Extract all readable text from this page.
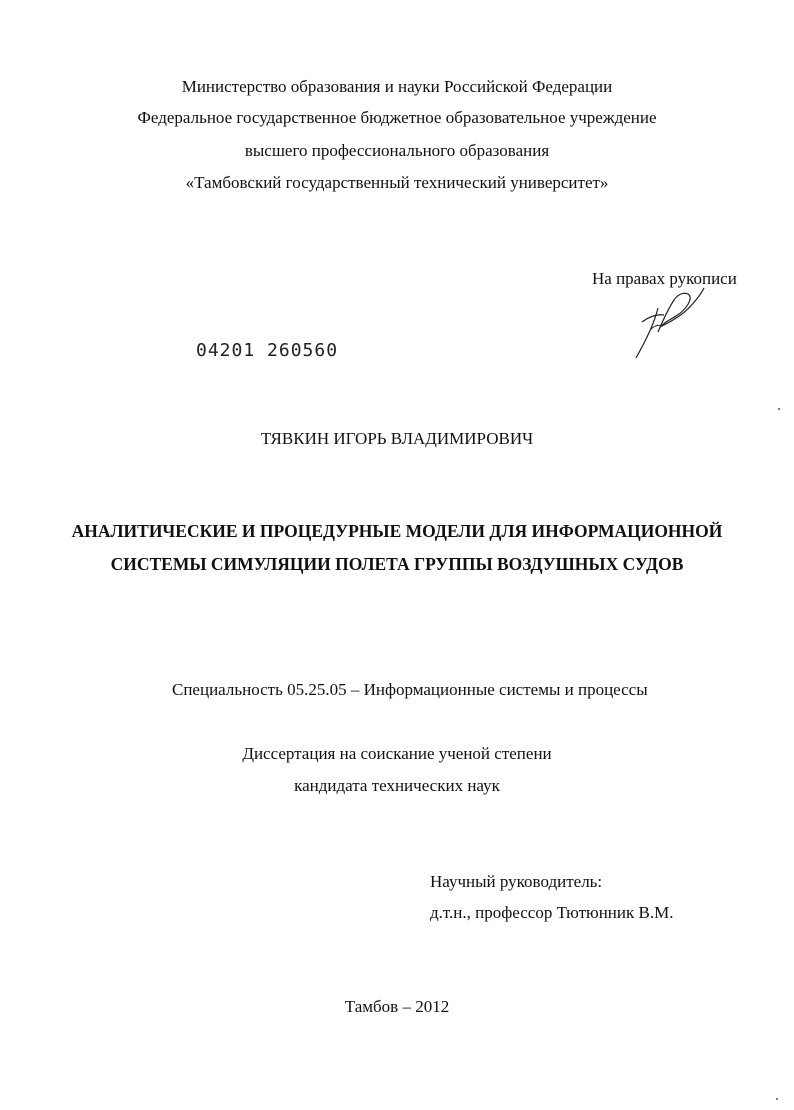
Министерство образования и науки Российской Федерации
Федеральное государственное бюджетное образовательное учреждение
высшего профессионального образования
«Тамбовский государственный технический университет»
На правах рукописи
04201 260560
ТЯВКИН ИГОРЬ ВЛАДИМИРОВИЧ
АНАЛИТИЧЕСКИЕ И ПРОЦЕДУРНЫЕ МОДЕЛИ ДЛЯ ИНФОРМАЦИОННОЙ
СИСТЕМЫ СИМУЛЯЦИИ ПОЛЕТА ГРУППЫ ВОЗДУШНЫХ СУДОВ
Специальность 05.25.05 – Информационные системы и процессы
Диссертация на соискание ученой степени
кандидата технических наук
Научный руководитель:
д.т.н., профессор Тютюнник В.М.
Тамбов – 2012
